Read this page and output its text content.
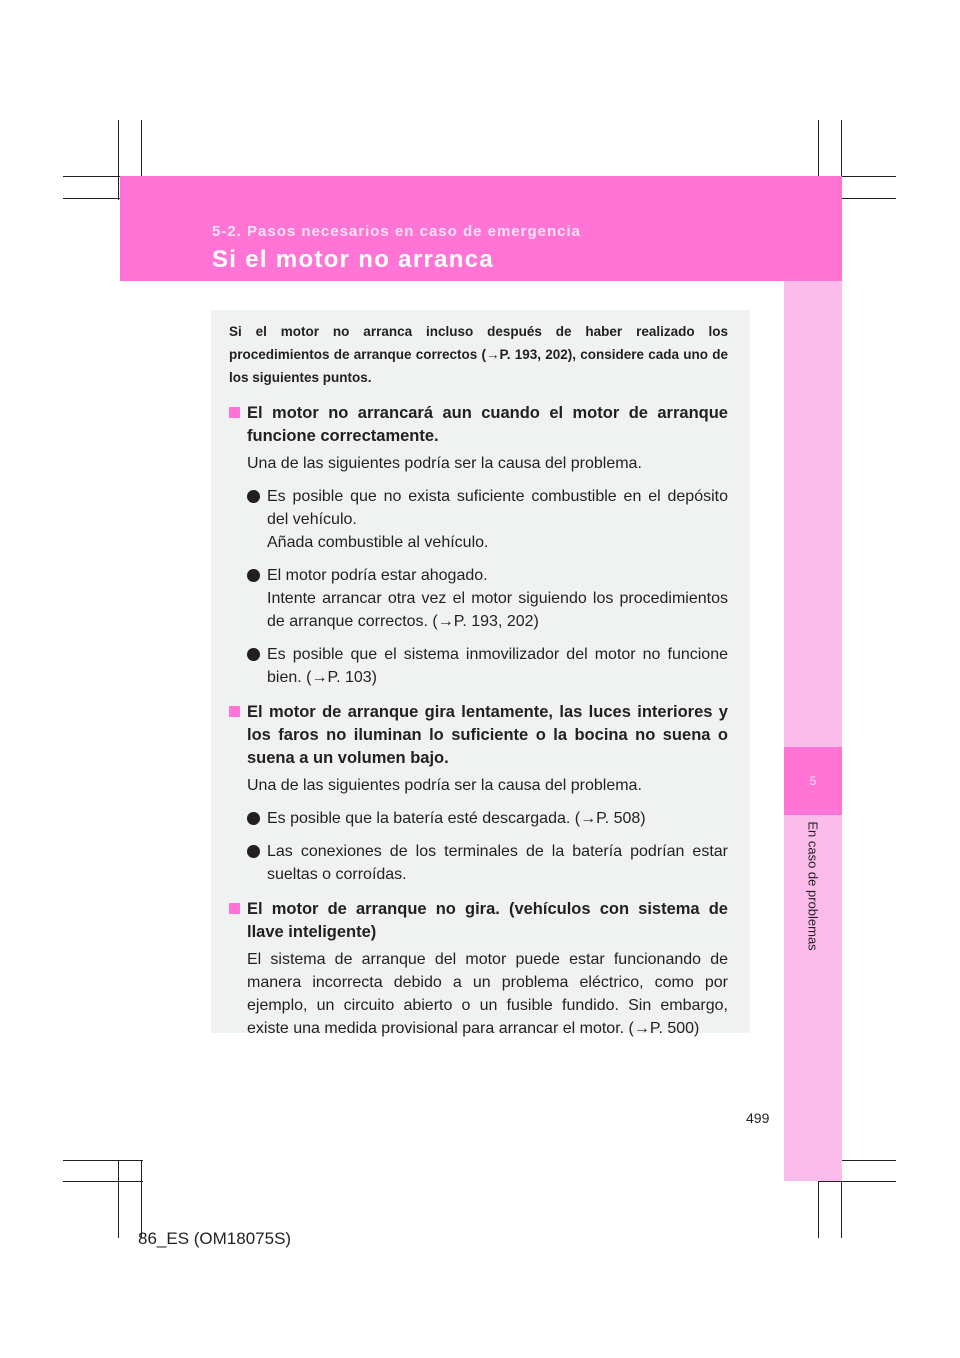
5-2. Pasos necesarios en caso de emergencia

Si el motor no arranca
5
En caso de problemas

Si el motor no arranca incluso después de haber realizado los procedimientos de arranque correctos (→P. 193, 202), considere cada uno de los siguientes puntos.

El motor no arrancará aun cuando el motor de arranque funcione correctamente.

Una de las siguientes podría ser la causa del problema.

Es posible que no exista suficiente combustible en el depósito del vehículo.
Añada combustible al vehículo.
El motor podría estar ahogado.
Intente arrancar otra vez el motor siguiendo los procedimientos de arranque correctos. (→P. 193, 202)
Es posible que el sistema inmovilizador del motor no funcione bien. (→P. 103)

El motor de arranque gira lentamente, las luces interiores y los faros no iluminan lo suficiente o la bocina no suena o suena a un volumen bajo.

Una de las siguientes podría ser la causa del problema.

Es posible que la batería esté descargada. (→P. 508)
Las conexiones de los terminales de la batería podrían estar sueltas o corroídas.

El motor de arranque no gira. (vehículos con sistema de llave inteligente)

El sistema de arranque del motor puede estar funcionando de manera incorrecta debido a un problema eléctrico, como por ejemplo, un circuito abierto o un fusible fundido. Sin embargo, existe una medida provisional para arrancar el motor. (→P. 500)

499
86_ES (OM18075S)
